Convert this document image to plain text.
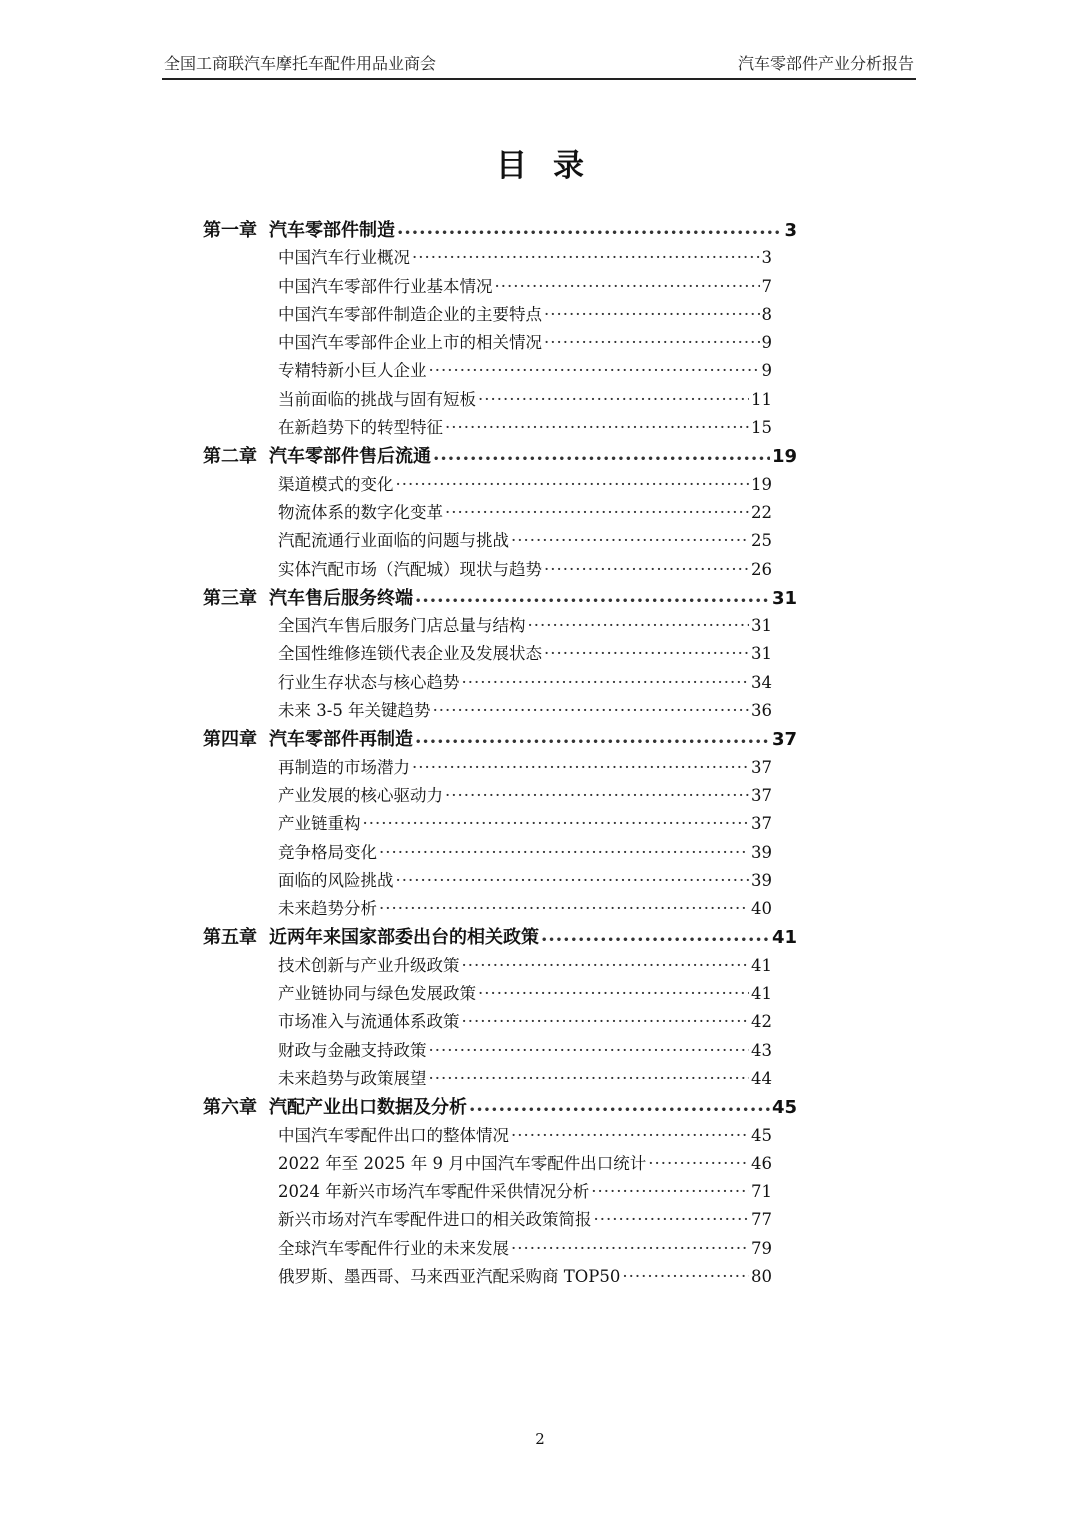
全国工商联汽车摩托车配件用品业商会	汽车零部件产业分析报告
目录
第一章 汽车零部件制造 •••••	3
中国汽车行业概况 ·····	3
中国汽车零部件行业基本情况 ·····	7
中国汽车零部件制造企业的主要特点 ·····	8
中国汽车零部件企业上市的相关情况 ·····	9
专精特新小巨人企业 ·····	9
当前面临的挑战与固有短板 ·····	11
在新趋势下的转型特征 ·····	15
第二章 汽车零部件售后流通 •••••	19
渠道模式的变化 ·····	19
物流体系的数字化变革 ·····	22
汽配流通行业面临的问题与挑战 ·····	25
实体汽配市场（汽配城）现状与趋势 ·····	26
第三章 汽车售后服务终端 •••••	31
全国汽车售后服务门店总量与结构 ·····	31
全国性维修连锁代表企业及发展状态 ·····	31
行业生存状态与核心趋势 ·····	34
未来 3-5 年关键趋势 ·····	36
第四章 汽车零部件再制造 •••••	37
再制造的市场潜力 ·····	37
产业发展的核心驱动力 ·····	37
产业链重构 ·····	37
竞争格局变化 ·····	39
面临的风险挑战 ·····	39
未来趋势分析 ·····	40
第五章 近两年来国家部委出台的相关政策 •••••	41
技术创新与产业升级政策 ·····	41
产业链协同与绿色发展政策 ·····	41
市场准入与流通体系政策 ·····	42
财政与金融支持政策 ·····	43
未来趋势与政策展望 ·····	44
第六章 汽配产业出口数据及分析 •••••	45
中国汽车零配件出口的整体情况 ·····	45
2022 年至 2025 年 9 月中国汽车零配件出口统计 ·····	46
2024 年新兴市场汽车零配件采供情况分析 ·····	71
新兴市场对汽车零配件进口的相关政策简报 ·····	77
全球汽车零配件行业的未来发展 ·····	79
俄罗斯、墨西哥、马来西亚汽配采购商 TOP50 ·····	80
2
